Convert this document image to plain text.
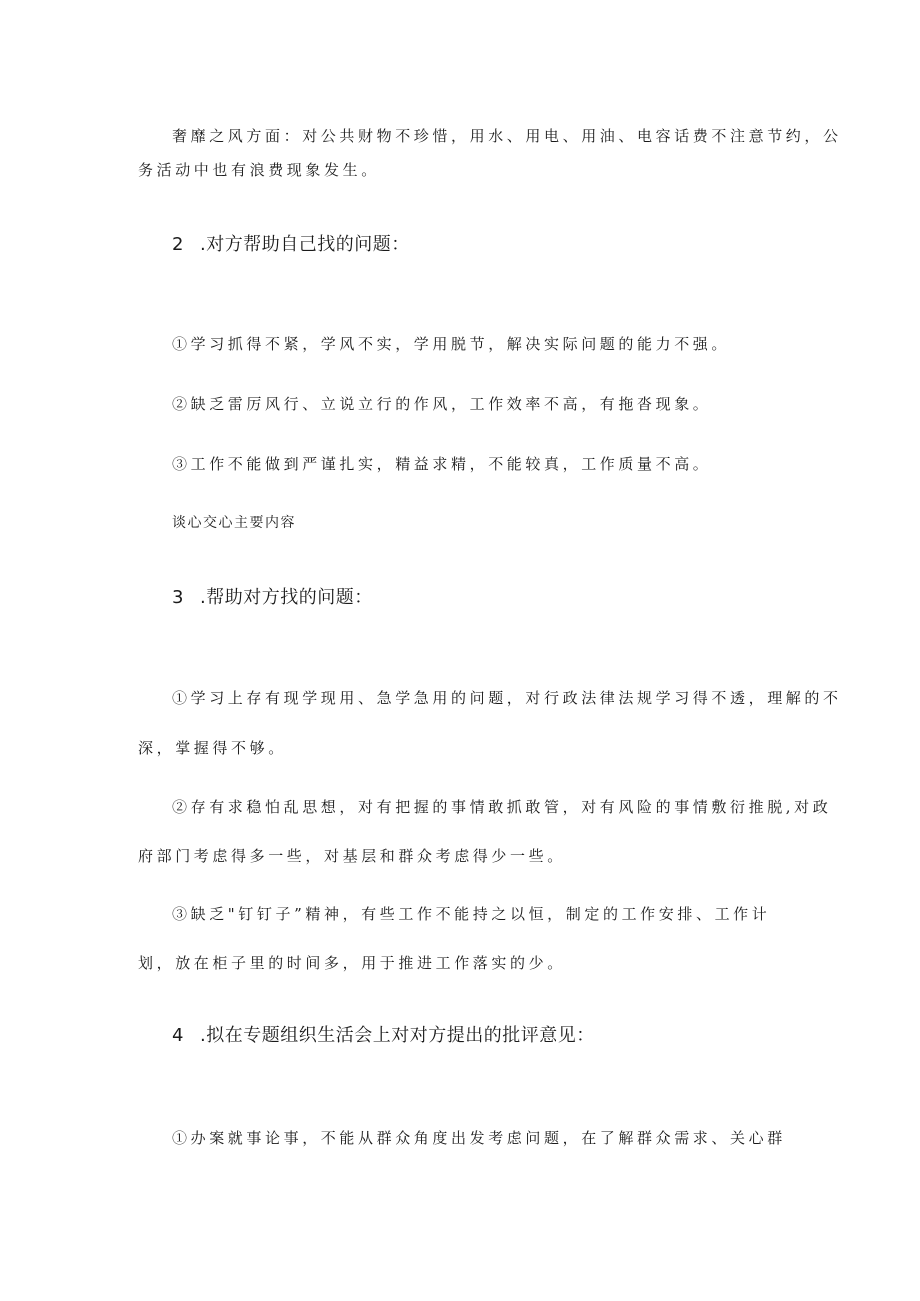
奢靡之风方面：对公共财物不珍惜，用水、用电、用油、电容话费不注意节约，公
务活动中也有浪费现象发生。
2 .对方帮助自己找的问题：
①学习抓得不紧，学风不实，学用脱节，解决实际问题的能力不强。
②缺乏雷厉风行、立说立行的作风，工作效率不高，有拖沓现象。
③工作不能做到严谨扎实，精益求精，不能较真，工作质量不高。
谈心交心主要内容
3 .帮助对方找的问题：
①学习上存有现学现用、急学急用的问题，对行政法律法规学习得不透，理解的不
深，掌握得不够。
②存有求稳怕乱思想，对有把握的事情敢抓敢管，对有风险的事情敷衍推脱,对政
府部门考虑得多一些，对基层和群众考虑得少一些。
③缺乏"钉钉子”精神，有些工作不能持之以恒，制定的工作安排、工作计
划，放在柜子里的时间多，用于推进工作落实的少。
4 .拟在专题组织生活会上对对方提出的批评意见：
①办案就事论事，不能从群众角度出发考虑问题，在了解群众需求、关心群
